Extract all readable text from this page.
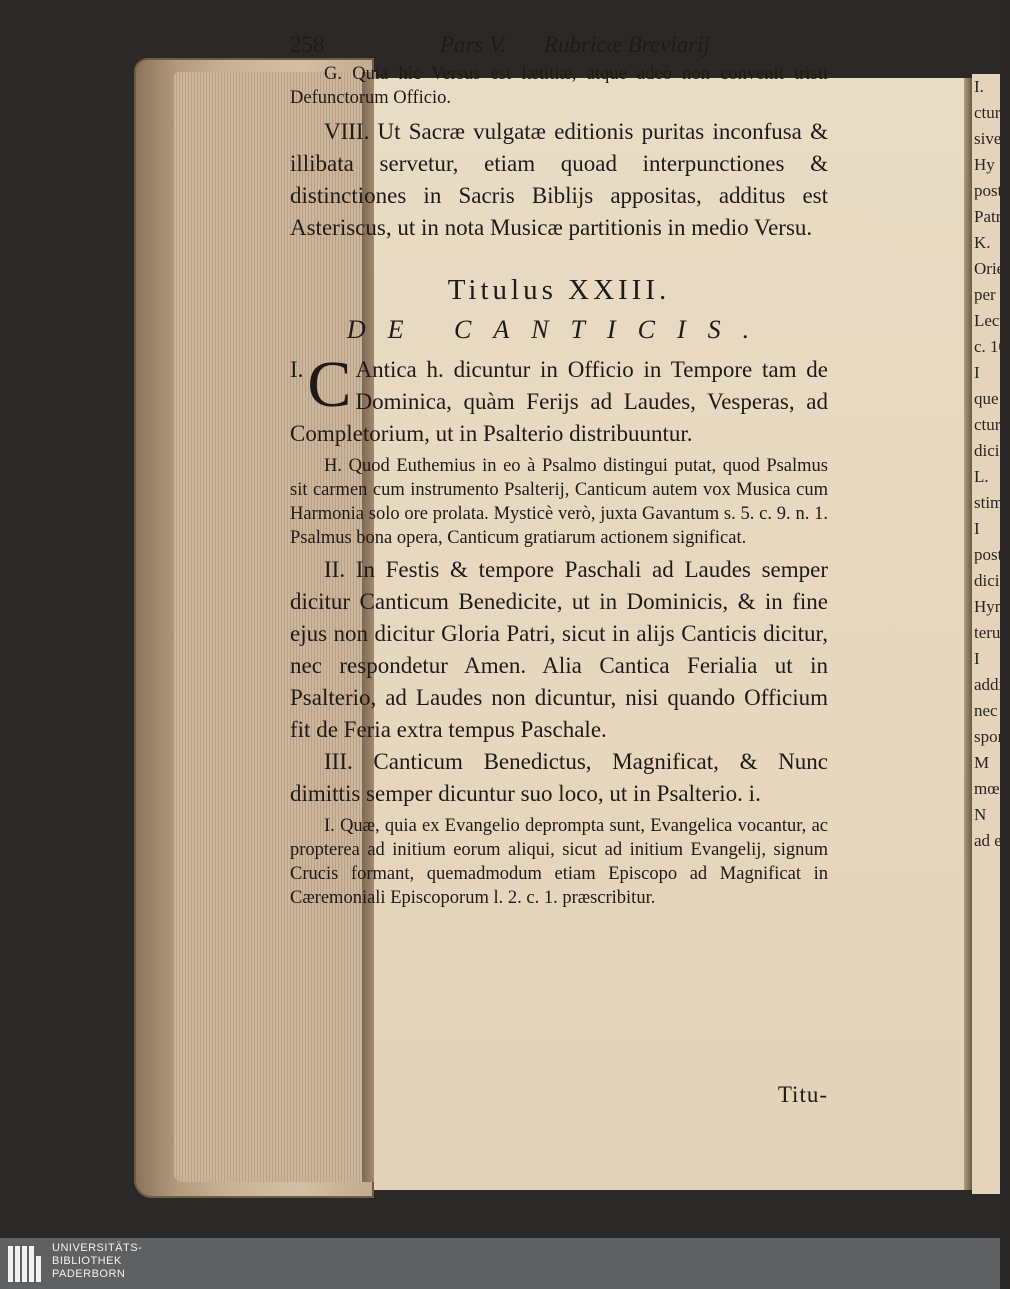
I.
ctur
sive
Hy
post
Patr
K.
Orie
per i
Lecti
c. 10
I
que
ctur
dici
L.
stim
I
post
dici
Hyn
teru
I
addi
nec
spor
M
mœr
N
ad ex
258	Pars V. Rubricæ Breviarij

G. Quia hic Versus est lætitiæ, atque adeò non convenit tristi Defunctorum Officio.

VIII. Ut Sacræ vulgatæ editionis puritas inconfusa & illibata servetur, etiam quoad interpunctiones & distinctiones in Sacris Biblijs appositas, additus est Asteriscus, ut in nota Musicæ partitionis in medio Versu.

Titulus XXIII.

DE CANTICIS.

I. C Antica h. dicuntur in Officio in Tempore tam de Dominica, quàm Ferijs ad Laudes, Vesperas, ad Completorium, ut in Psalterio distribuuntur.

H. Quod Euthemius in eo à Psalmo distingui putat, quod Psalmus sit carmen cum instrumento Psalterij, Canticum autem vox Musica cum Harmonia solo ore prolata. Mysticè verò, juxta Gavantum s. 5. c. 9. n. 1. Psalmus bona opera, Canticum gratiarum actionem significat.

II. In Festis & tempore Paschali ad Laudes semper dicitur Canticum Benedicite, ut in Dominicis, & in fine ejus non dicitur Gloria Patri, sicut in alijs Canticis dicitur, nec respondetur Amen. Alia Cantica Ferialia ut in Psalterio, ad Laudes non dicuntur, nisi quando Officium fit de Feria extra tempus Paschale.

III. Canticum Benedictus, Magnificat, & Nunc dimittis semper dicuntur suo loco, ut in Psalterio. i.

I. Quæ, quia ex Evangelio deprompta sunt, Evangelica vocantur, ac propterea ad initium eorum aliqui, sicut ad initium Evangelij, signum Crucis formant, quemadmodum etiam Episcopo ad Magnificat in Cæremoniali Episcoporum l. 2. c. 1. præscribitur.

Titu-
UNIVERSITÄTS-
BIBLIOTHEK
PADERBORN
